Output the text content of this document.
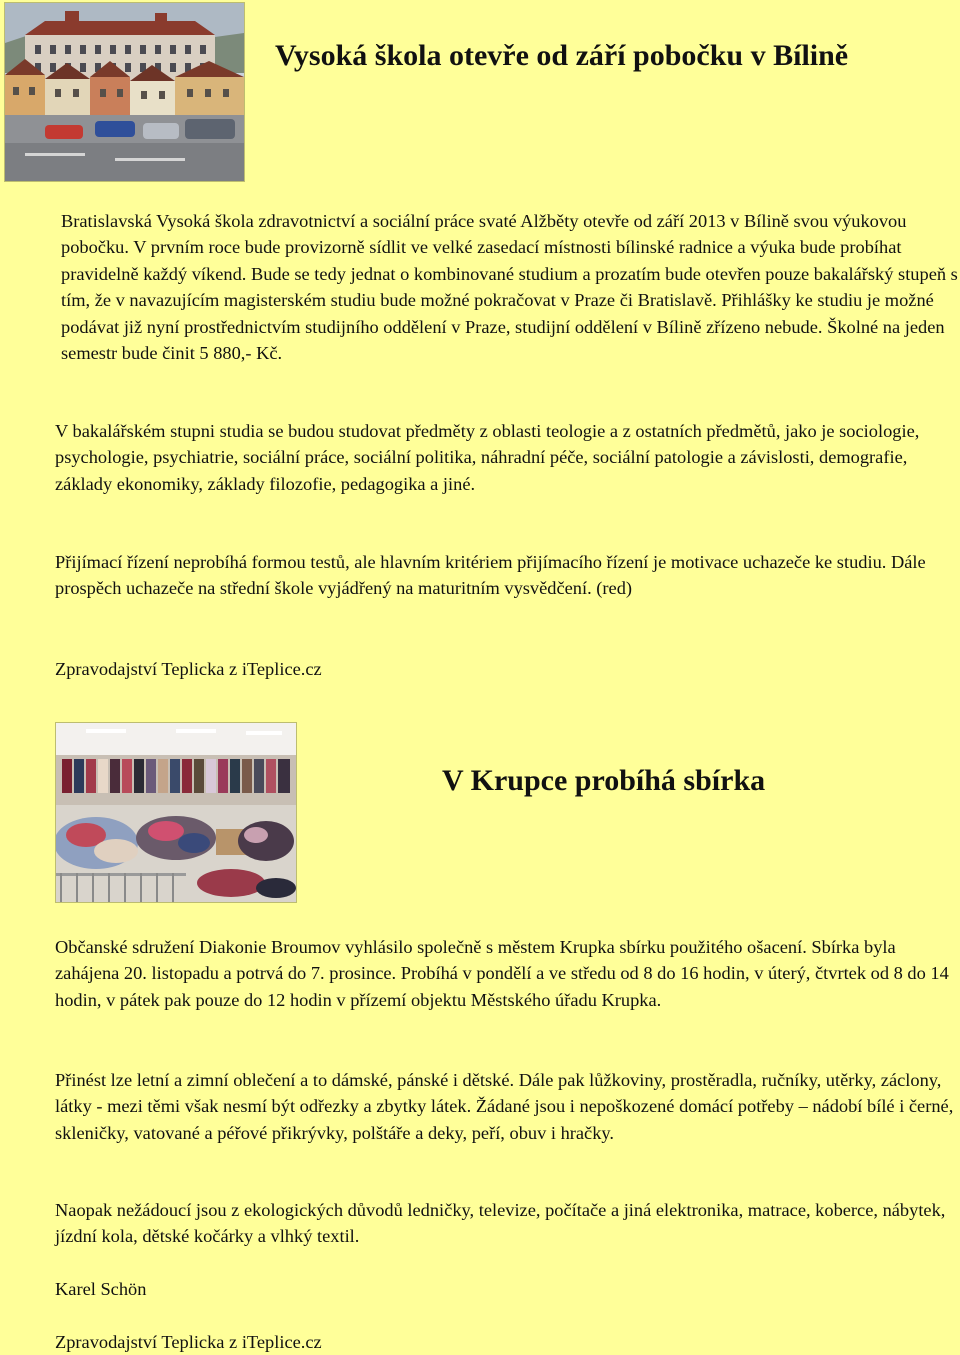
Vysoká škola otevře od září pobočku v Bílině

Bratislavská Vysoká škola zdravotnictví a sociální práce svaté Alžběty otevře od září 2013 v Bílině svou výukovou pobočku. V prvním roce bude provizorně sídlit ve velké zasedací místnosti bílinské radnice a výuka bude probíhat pravidelně každý víkend. Bude se tedy jednat o kombinované studium a prozatím bude otevřen pouze bakalářský stupeň s tím, že v navazujícím magisterském studiu bude možné pokračovat v Praze či Bratislavě. Přihlášky ke studiu je možné podávat již nyní prostřednictvím studijního oddělení v Praze, studijní oddělení v Bílině zřízeno nebude. Školné na jeden semestr bude činit 5 880,- Kč.

V bakalářském stupni studia se budou studovat předměty z oblasti teologie a z ostatních předmětů, jako je sociologie, psychologie, psychiatrie, sociální práce, sociální politika, náhradní péče, sociální patologie a závislosti, demografie, základy ekonomiky, základy filozofie, pedagogika a jiné.

Přijímací řízení neprobíhá formou testů, ale hlavním kritériem přijímacího řízení je motivace uchazeče ke studiu. Dále prospěch uchazeče na střední škole vyjádřený na maturitním vysvědčení. (red)

Zpravodajství Teplicka z iTeplice.cz

V Krupce probíhá sbírka

Občanské sdružení Diakonie Broumov vyhlásilo společně s městem Krupka sbírku použitého ošacení. Sbírka byla zahájena 20. listopadu a potrvá do 7. prosince. Probíhá v pondělí a ve středu od 8 do 16 hodin, v úterý, čtvrtek od 8 do 14 hodin, v pátek pak pouze do 12 hodin v přízemí objektu Městského úřadu Krupka.

Přinést lze letní a zimní oblečení a to dámské, pánské i dětské. Dále pak lůžkoviny, prostěradla, ručníky, utěrky, záclony, látky - mezi těmi však nesmí být odřezky a zbytky látek. Žádané jsou i nepoškozené domácí potřeby – nádobí bílé i černé, skleničky, vatované a péřové přikrývky, polštáře a deky, peří, obuv i hračky.

Naopak nežádoucí jsou z ekologických důvodů ledničky, televize, počítače a jiná elektronika, matrace, koberce, nábytek, jízdní kola, dětské kočárky a vlhký textil.

Karel Schön

Zpravodajství Teplicka z iTeplice.cz
